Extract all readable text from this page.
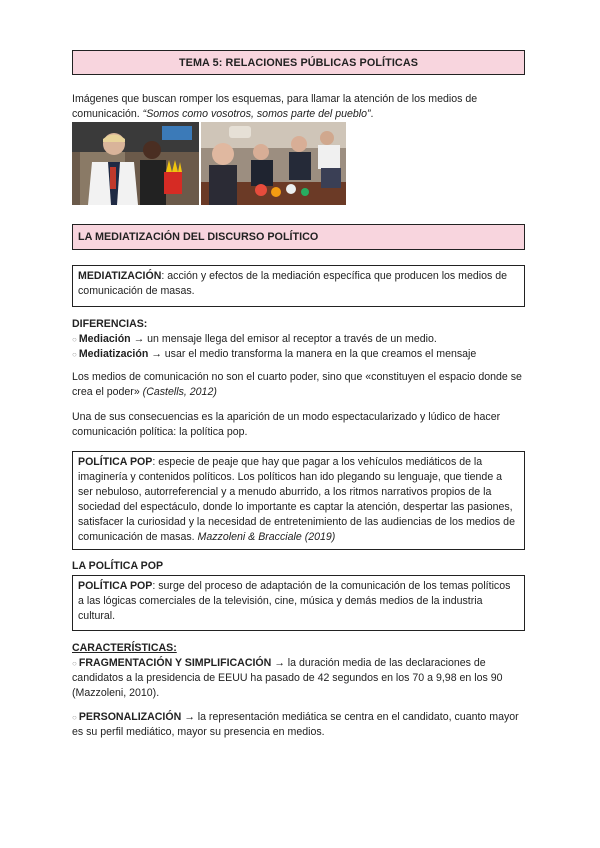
TEMA 5: RELACIONES PÚBLICAS POLÍTICAS
Imágenes que buscan romper los esquemas, para llamar la atención de los medios de comunicación. “Somos como vosotros, somos parte del pueblo”.
LA MEDIATIZACIÓN DEL DISCURSO POLÍTICO
MEDIATIZACIÓN: acción y efectos de la mediación específica que producen los medios de comunicación de masas.
DIFERENCIAS:
○ Mediación → un mensaje llega del emisor al receptor a través de un medio.
○ Mediatización → usar el medio transforma la manera en la que creamos el mensaje
Los medios de comunicación no son el cuarto poder, sino que «constituyen el espacio donde se crea el poder» (Castells, 2012)
Una de sus consecuencias es la aparición de un modo espectacularizado y lúdico de hacer comunicación política: la política pop.
POLÍTICA POP: especie de peaje que hay que pagar a los vehículos mediáticos de la imaginería y contenidos políticos. Los políticos han ido plegando su lenguaje, que tiende a ser nebuloso, autorreferencial y a menudo aburrido, a los ritmos narrativos propios de la sociedad del espectáculo, donde lo importante es captar la atención, despertar las pasiones, satisfacer la curiosidad y la necesidad de entretenimiento de las audiencias de los medios de comunicación de masas. Mazzoleni & Bracciale (2019)
LA POLÍTICA POP
POLÍTICA POP: surge del proceso de adaptación de la comunicación de los temas políticos a las lógicas comerciales de la televisión, cine, música y demás medios de la industria cultural.
CARACTERÍSTICAS:
○ FRAGMENTACIÓN Y SIMPLIFICACIÓN → la duración media de las declaraciones de candidatos a la presidencia de EEUU ha pasado de 42 segundos en los 70 a 9,98 en los 90 (Mazzoleni, 2010).
○ PERSONALIZACIÓN → la representación mediática se centra en el candidato, cuanto mayor es su perfil mediático, mayor su presencia en medios.
